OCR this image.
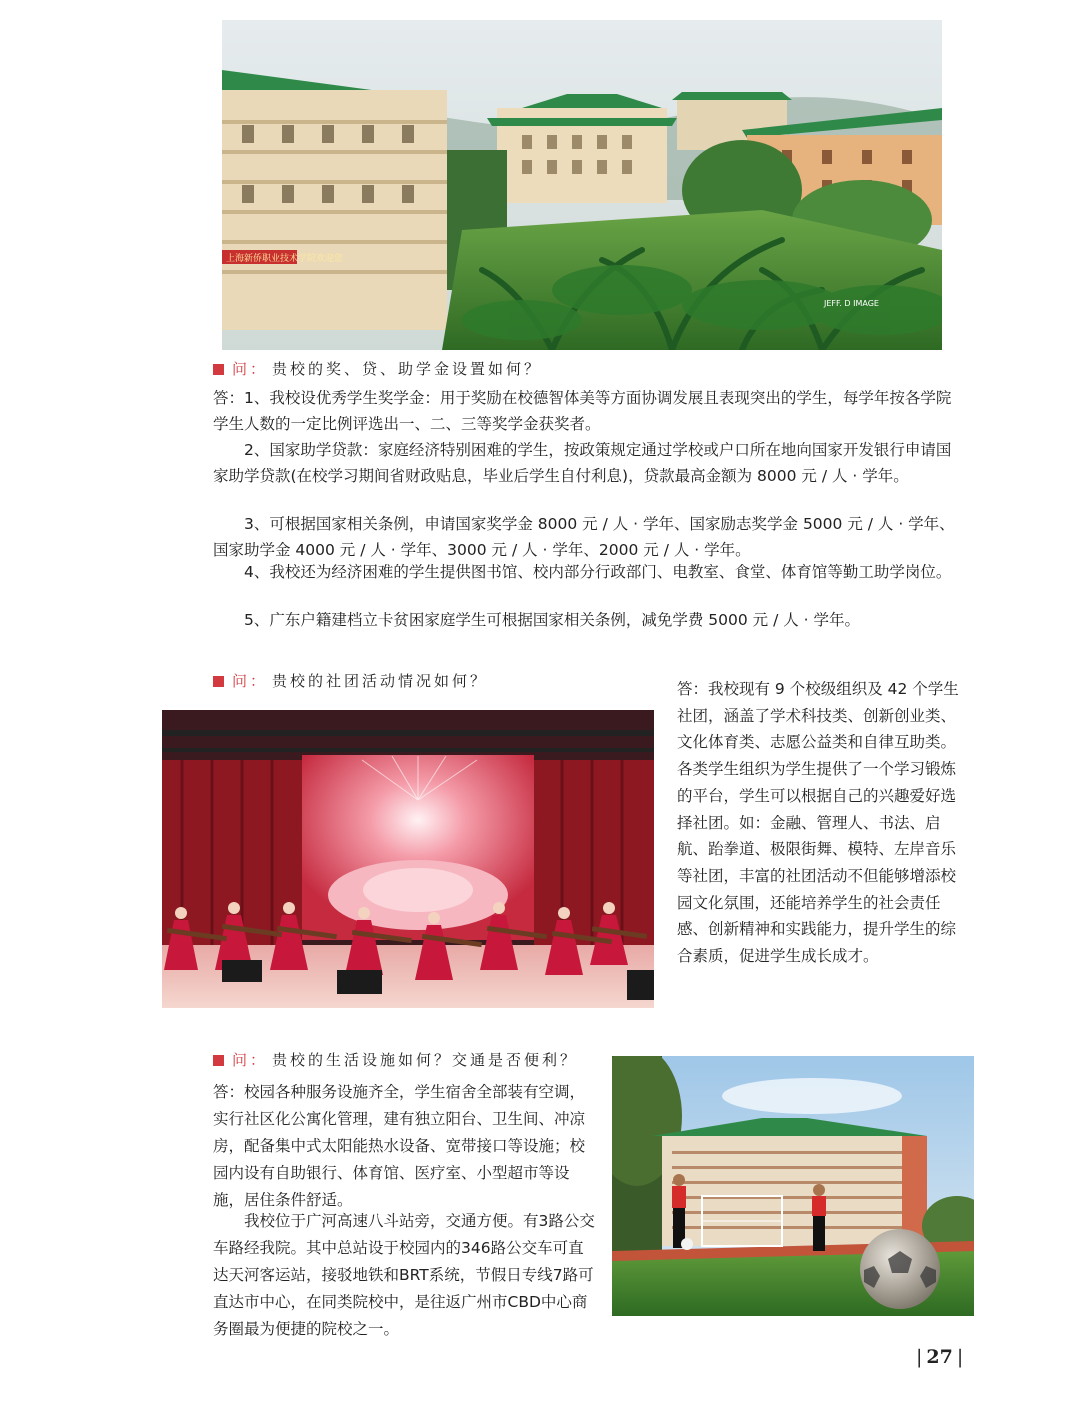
上海新侨职业技术学院欢迎您
JEFF. D IMAGE
问： 贵校的奖、贷、助学金设置如何？

答：1、我校设优秀学生奖学金：用于奖励在校德智体美等方面协调发展且表现突出的学生，每学年按各学院学生人数的一定比例评选出一、二、三等奖学金获奖者。

2、国家助学贷款：家庭经济特别困难的学生，按政策规定通过学校或户口所在地向国家开发银行申请国家助学贷款(在校学习期间省财政贴息，毕业后学生自付利息)，贷款最高金额为 8000 元 / 人 · 学年。

3、可根据国家相关条例，申请国家奖学金 8000 元 / 人 · 学年、国家励志奖学金 5000 元 / 人 · 学年、国家助学金 4000 元 / 人 · 学年、3000 元 / 人 · 学年、2000 元 / 人 · 学年。

4、我校还为经济困难的学生提供图书馆、校内部分行政部门、电教室、食堂、体育馆等勤工助学岗位。

5、广东户籍建档立卡贫困家庭学生可根据国家相关条例，减免学费 5000 元 / 人 · 学年。

问： 贵校的社团活动情况如何？	答：我校现有 9 个校级组织及 42 个学生社团，涵盖了学术科技类、创新创业类、文化体育类、志愿公益类和自律互助类。各类学生组织为学生提供了一个学习锻炼的平台，学生可以根据自己的兴趣爱好选择社团。如：金融、管理人、书法、启航、跆拳道、极限街舞、模特、左岸音乐等社团，丰富的社团活动不但能够增添校园文化氛围，还能培养学生的社会责任感、创新精神和实践能力，提升学生的综合素质，促进学生成长成才。

问： 贵校的生活设施如何？交通是否便利？

答：校园各种服务设施齐全，学生宿舍全部装有空调，实行社区化公寓化管理，建有独立阳台、卫生间、冲凉房，配备集中式太阳能热水设备、宽带接口等设施；校园内设有自助银行、体育馆、医疗室、小型超市等设施，居住条件舒适。

我校位于广河高速八斗站旁，交通方便。有3路公交车路经我院。其中总站设于校园内的346路公交车可直达天河客运站，接驳地铁和BRT系统，节假日专线7路可直达市中心，在同类院校中，是往返广州市CBD中心商务圈最为便捷的院校之一。

| 27 |
